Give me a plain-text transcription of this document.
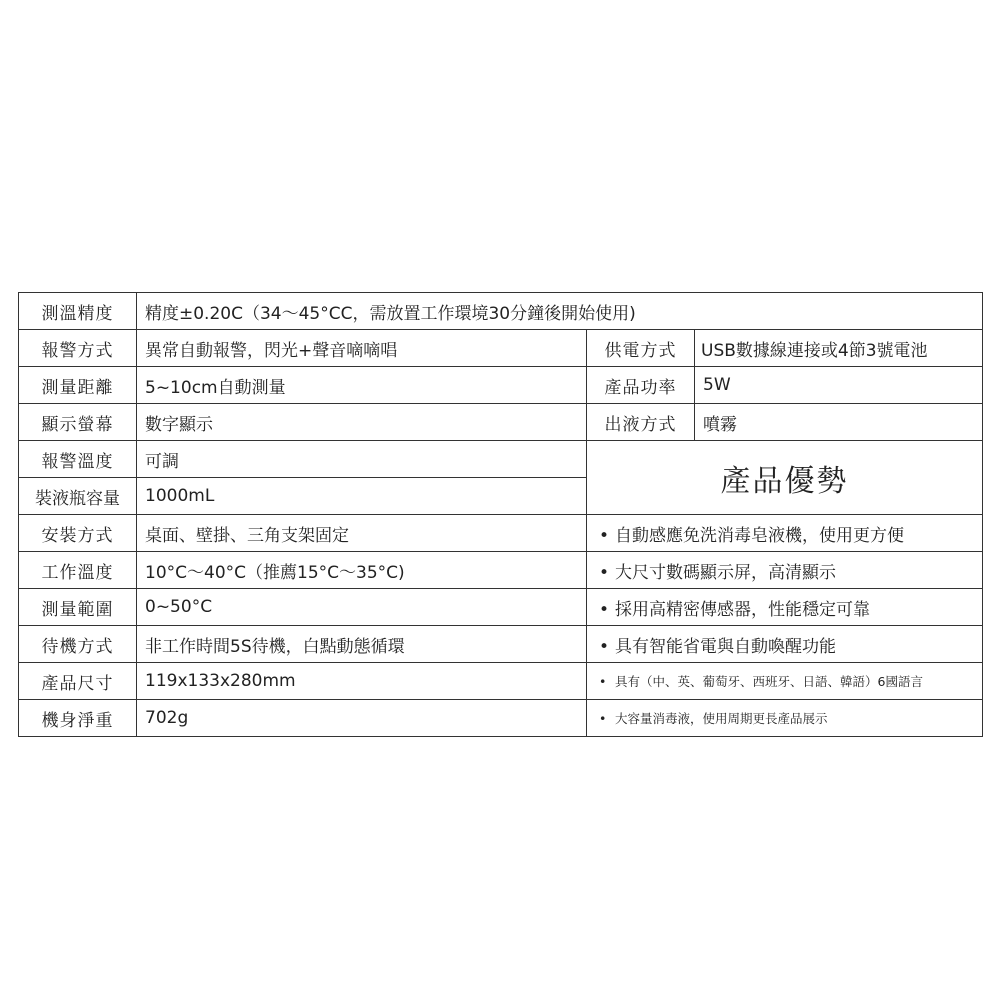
測溫精度	精度±0.20C（34～45°CC，需放置工作環境30分鐘後開始使用)		
報警方式	異常自動報警，閃光+聲音嘀嘀唱	供電方式	USB數據線連接或4節3號電池
測量距離	5~10cm自動測量	產品功率	5W
顯示螢幕	數字顯示	出液方式	噴霧
報警溫度	可調	產品優勢	
裝液瓶容量	1000mL		
安裝方式	桌面、壁掛、三角支架固定	• 自動感應免洗消毒皂液機，使用更方便	
工作溫度	10°C～40°C（推薦15°C～35°C)	• 大尺寸數碼顯示屏，高清顯示	
測量範圍	0~50°C	• 採用高精密傳感器，性能穩定可靠	
待機方式	非工作時間5S待機，白點動態循環	• 具有智能省電與自動喚醒功能	
產品尺寸	119x133x280mm	• 具有（中、英、葡萄牙、西班牙、日語、韓語）6國語言	
機身淨重	702g	• 大容量消毒液，使用周期更長產品展示	
